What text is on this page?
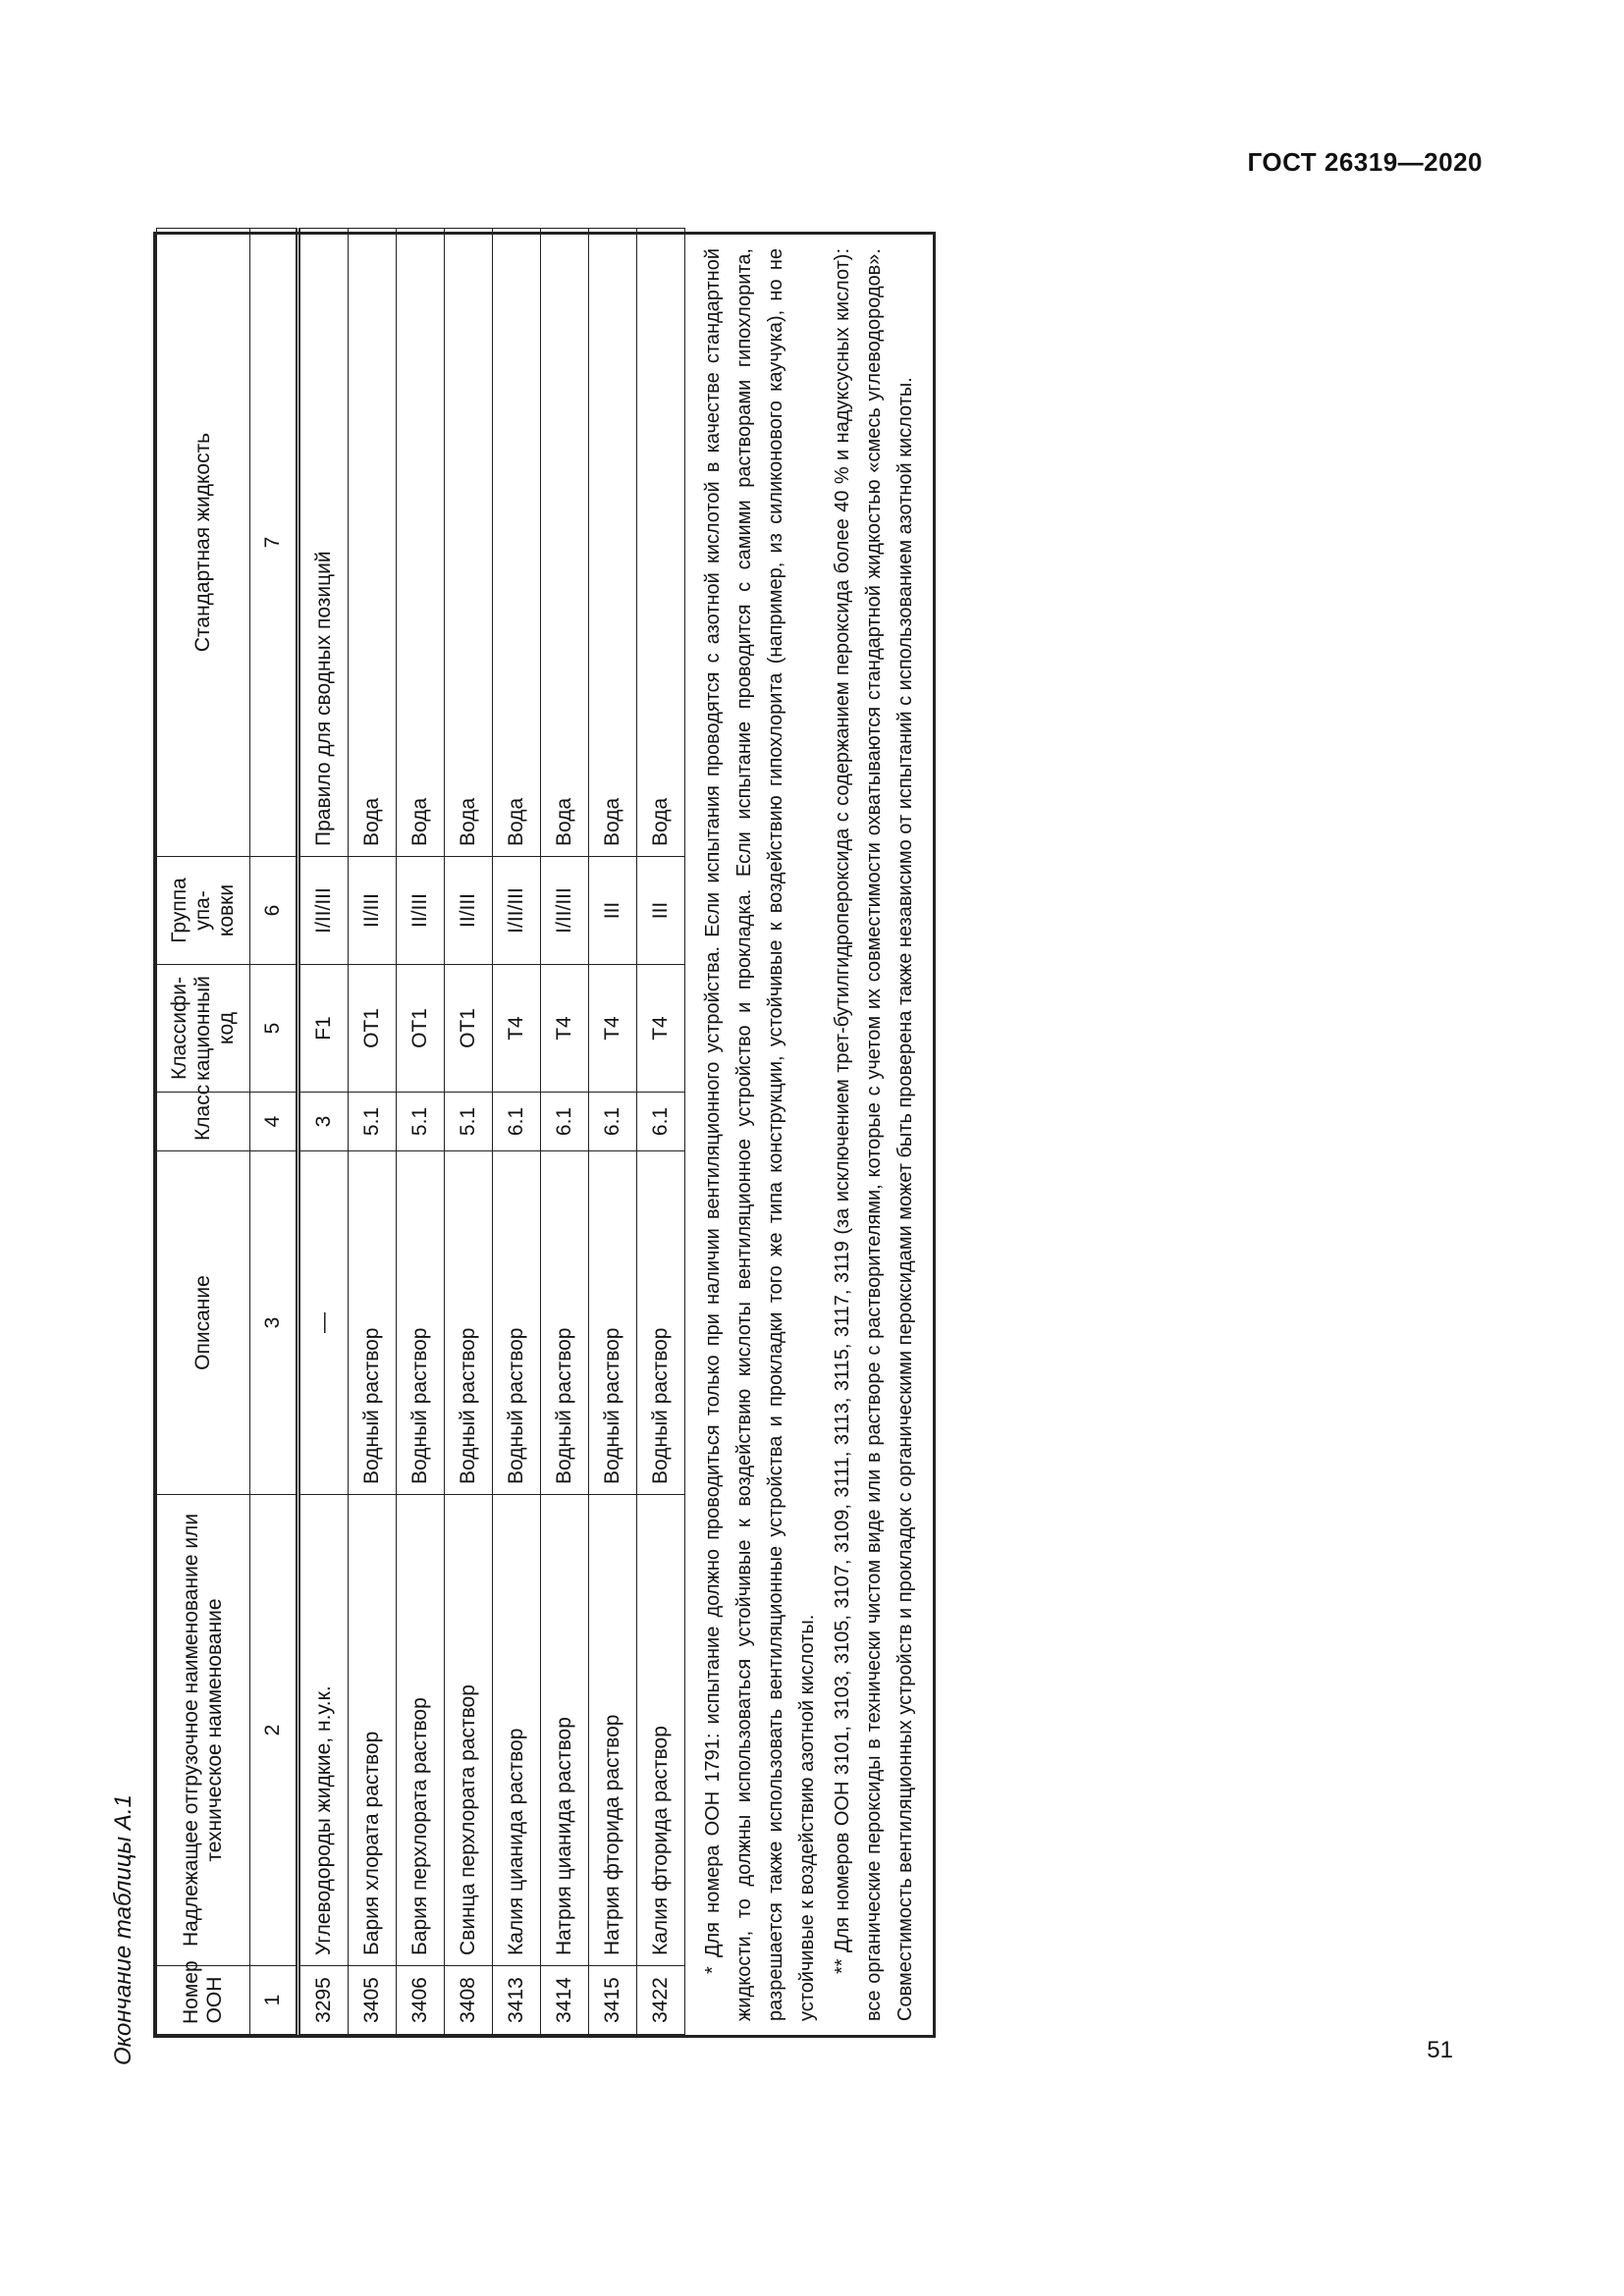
ГОСТ 26319—2020
Окончание таблицы А.1	Номер ООН	Надлежащее отгрузочное наименование или техническое наименование	Описание	Класс	Классифи-кационный код	Группа упа-ковки	Стандартная жидкость
1	2	3	4	5	6	7
3295	Углеводороды жидкие, н.у.к.	—	3	F1	I/II/III	Правило для сводных позиций
3405	Бария хлората раствор	Водный раствор	5.1	OT1	II/III	Вода
3406	Бария перхлората раствор	Водный раствор	5.1	OT1	II/III	Вода
3408	Свинца перхлората раствор	Водный раствор	5.1	OT1	II/III	Вода
3413	Калия цианида раствор	Водный раствор	6.1	T4	I/II/III	Вода
3414	Натрия цианида раствор	Водный раствор	6.1	T4	I/II/III	Вода
3415	Натрия фторида раствор	Водный раствор	6.1	T4	III	Вода
3422	Калия фторида раствор	Водный раствор	6.1	T4	III	Вода * Для номера ООН 1791: испытание должно проводиться только при наличии вентиляционного устройства. Если испытания проводятся с азотной кислотой в качестве стандартной жидкости, то должны использоваться устойчивые к воздействию кислоты вентиляционное устройство и прокладка. Если испытание проводится с самими растворами гипохлорита, разрешается также использовать вентиляционные устройства и прокладки того же типа конструкции, устойчивые к воздействию гипохлорита (например, из силиконового каучука), но не устойчивые к воздействию азотной кислоты. ** Для номеров ООН 3101, 3103, 3105, 3107, 3109, 3111, 3113, 3115, 3117, 3119 (за исключением трет-бутилгидропероксида с содержанием пероксида более 40 % и надуксусных кислот): все органические пероксиды в технически чистом виде или в растворе с растворителями, которые с учетом их совместимости охватываются стандартной жидкостью «смесь углеводородов». Совместимость вентиляционных устройств и прокладок с органическими пероксидами может быть проверена также независимо от испытаний с использованием азотной кислоты.

51
